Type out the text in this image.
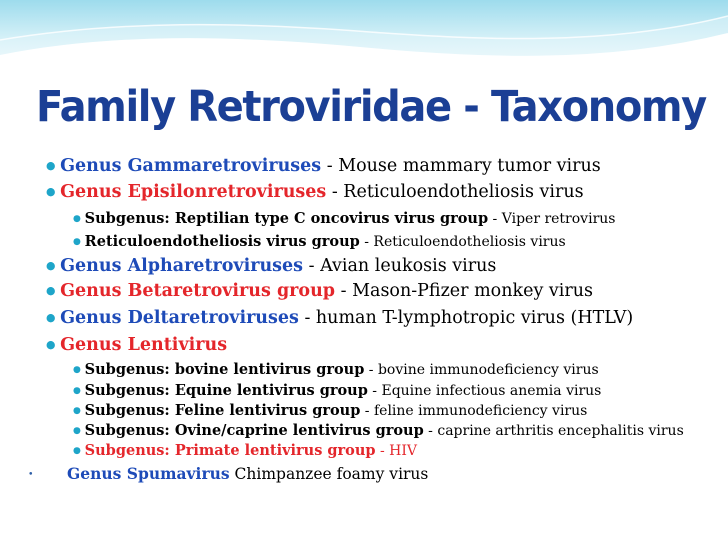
Family Retroviridae - Taxonomy
● Genus Gammaretroviruses - Mouse mammary tumor virus
● Genus Episilonretroviruses - Reticuloendotheliosis virus
● Subgenus: Reptilian type C oncovirus virus group - Viper retrovirus
● Reticuloendotheliosis virus group - Reticuloendotheliosis virus
● Genus Alpharetroviruses - Avian leukosis virus
● Genus Betaretrovirus group - Mason-Pfizer monkey virus
● Genus Deltaretroviruses - human T-lymphotropic virus (HTLV)
● Genus Lentivirus
● Subgenus: bovine lentivirus group - bovine immunodeficiency virus
● Subgenus: Equine lentivirus group - Equine infectious anemia virus
● Subgenus: Feline lentivirus group - feline immunodeficiency virus
● Subgenus: Ovine/caprine lentivirus group - caprine arthritis encephalitis virus
● Subgenus: Primate lentivirus group - HIV
• Genus Spumavirus Chimpanzee foamy virus
